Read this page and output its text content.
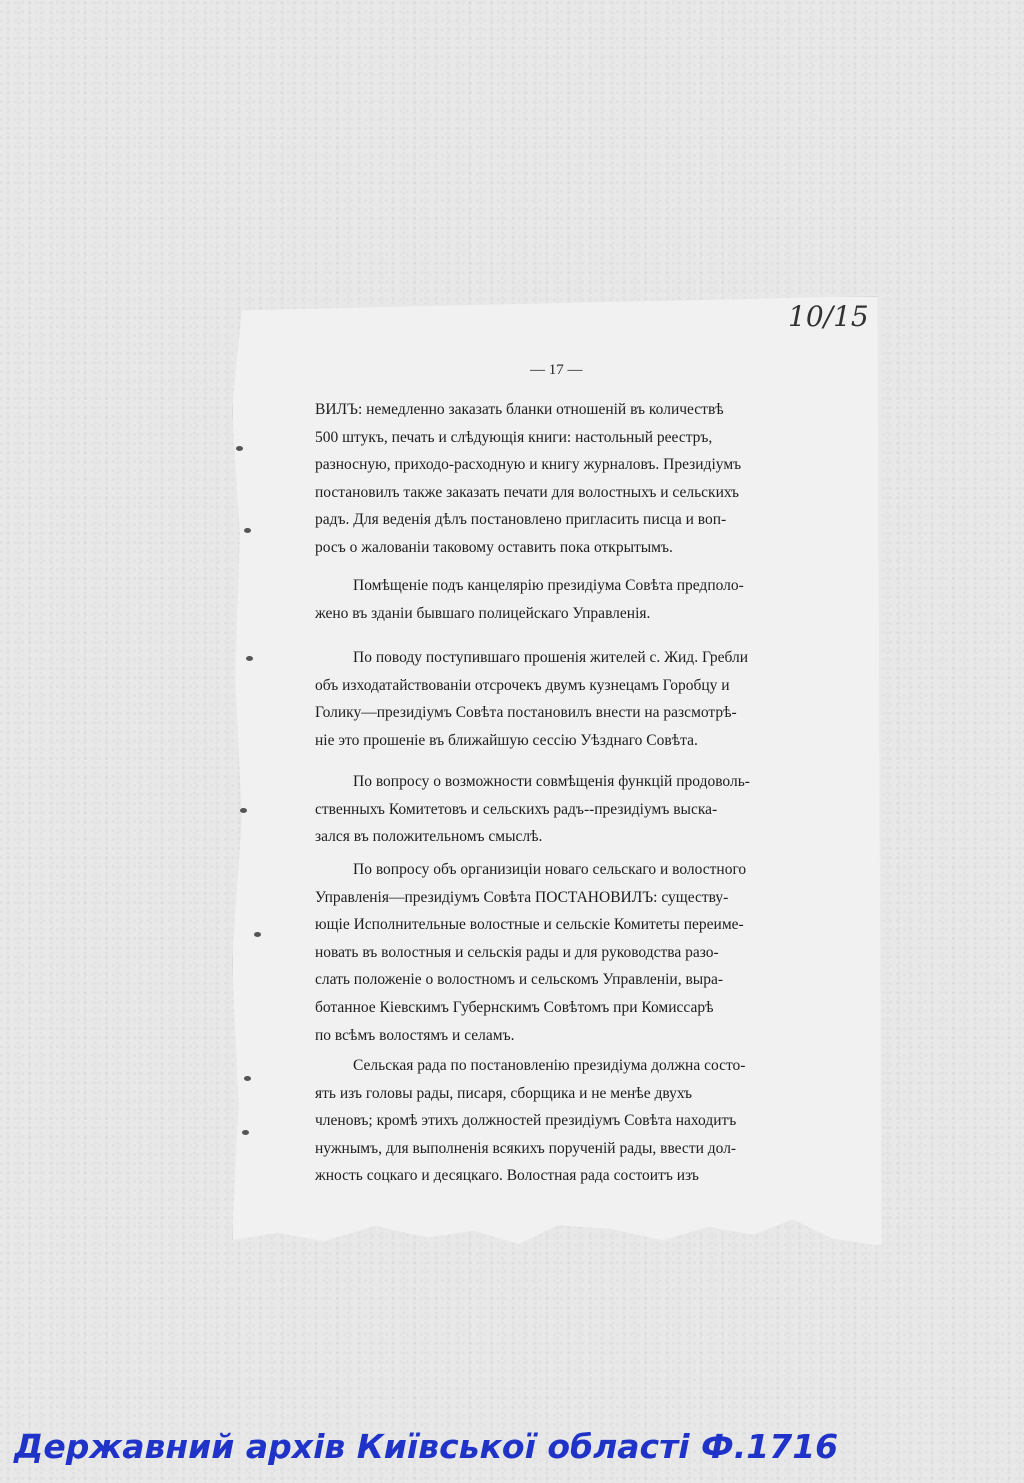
10/15
— 17 —

ВИЛЪ: немедленно заказать бланки отношеній въ количествѣ
500 штукъ, печать и слѣдующія книги: настольный реестръ,
разносную, приходо-расходную и книгу журналовъ. Президіумъ
постановилъ также заказать печати для волостныхъ и сельскихъ
радъ. Для веденія дѣлъ постановлено пригласить писца и воп-
росъ о жалованіи таковому оставить пока открытымъ.

Помѣщеніе подъ канцелярію президіума Совѣта предполо-
жено въ зданіи бывшаго полицейскаго Управленія.

По поводу поступившаго прошенія жителей с. Жид. Гребли
объ изходатайствованіи отсрочекъ двумъ кузнецамъ Горобцу и
Голику—президіумъ Совѣта постановилъ внести на разсмотрѣ-
ніе это прошеніе въ ближайшую сессію Уѣзднаго Совѣта.

По вопросу о возможности совмѣщенія функцій продоволь-
ственныхъ Комитетовъ и сельскихъ радъ--президіумъ выска-
зался въ положительномъ смыслѣ.

По вопросу объ организиціи новаго сельскаго и волостного
Управленія—президіумъ Совѣта ПОСТАНОВИЛЪ: существу-
ющіе Исполнительные волостные и сельскіе Комитеты переиме-
новать въ волостныя и сельскія рады и для руководства разо-
слать положеніе о волостномъ и сельскомъ Управленіи, выра-
ботанное Кіевскимъ Губернскимъ Совѣтомъ при Комиссарѣ
по всѣмъ волостямъ и селамъ.

Сельская рада по постановленію президіума должна состо-
ять изъ головы рады, писаря, сборщика и не менѣе двухъ
членовъ; кромѣ этихъ должностей президіумъ Совѣта находитъ
нужнымъ, для выполненія всякихъ порученій рады, ввести дол-
жность соцкаго и десяцкаго. Волостная рада состоитъ изъ

Державний архів Київської області Ф.1716
